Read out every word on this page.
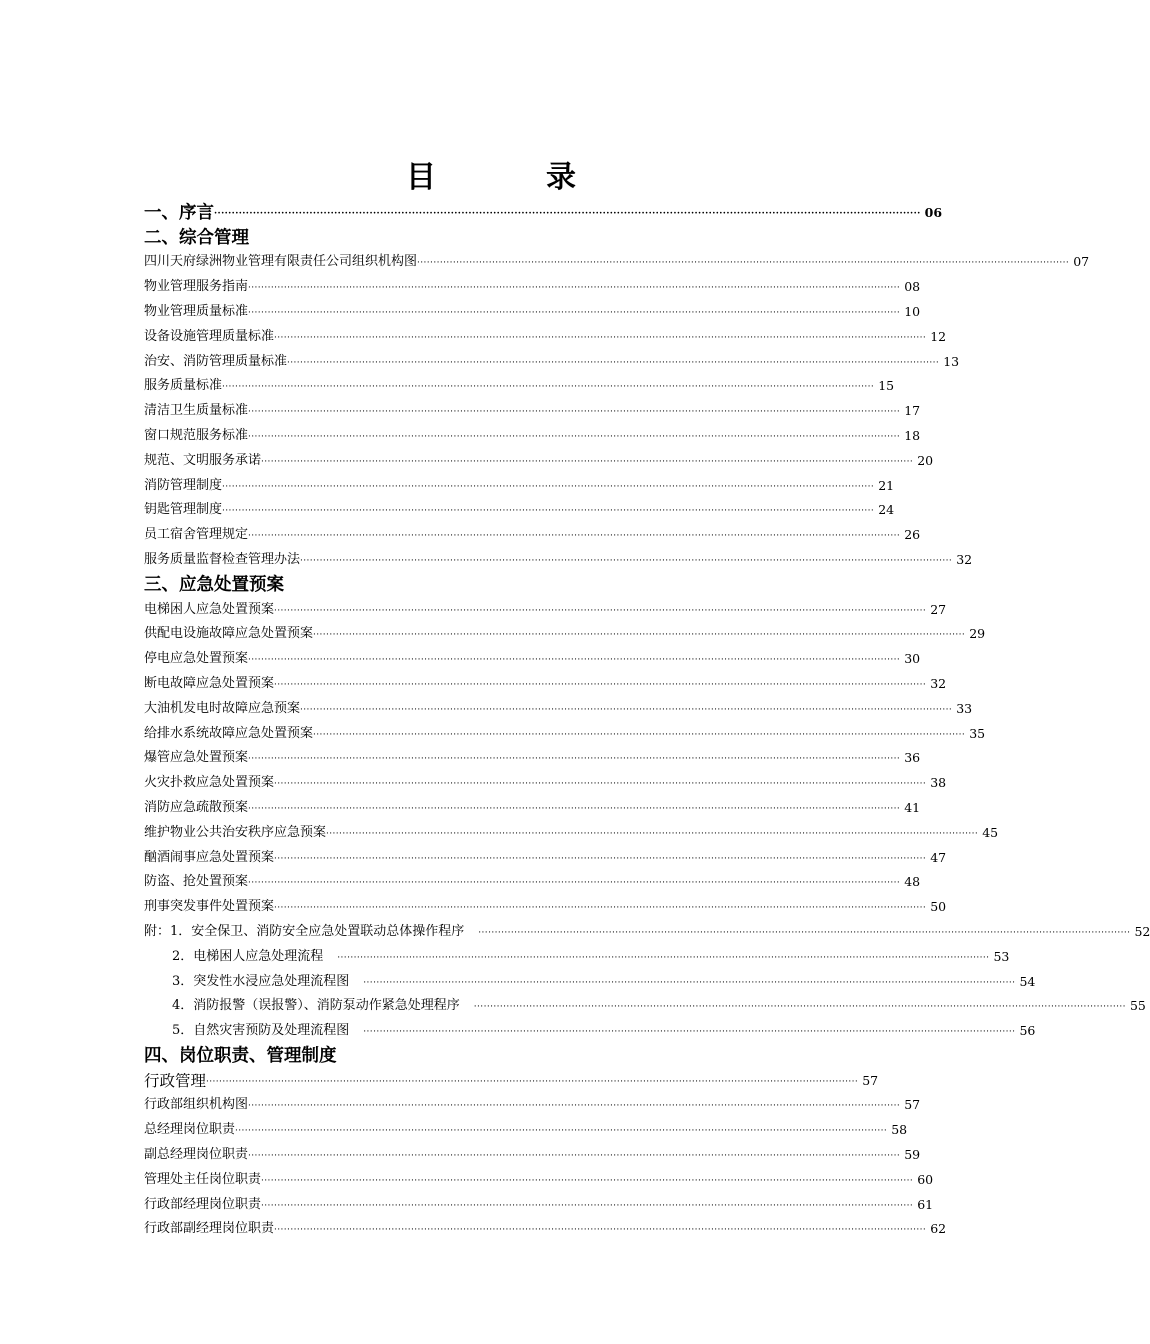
目	录
一、序言 ········································································································································································································ 06
二、综合管理
四川天府绿洲物业管理有限责任公司组织机构图 ········································································································································································································ 07
物业管理服务指南 ········································································································································································································ 08
物业管理质量标准 ········································································································································································································ 10
设备设施管理质量标准 ········································································································································································································ 12
治安、消防管理质量标准 ········································································································································································································ 13
服务质量标准 ········································································································································································································ 15
清洁卫生质量标准 ········································································································································································································ 17
窗口规范服务标准 ········································································································································································································ 18
规范、文明服务承诺 ········································································································································································································ 20
消防管理制度 ········································································································································································································ 21
钥匙管理制度 ········································································································································································································ 24
员工宿舍管理规定 ········································································································································································································ 26
服务质量监督检查管理办法 ········································································································································································································ 32
三、应急处置预案
电梯困人应急处置预案 ········································································································································································································ 27
供配电设施故障应急处置预案 ········································································································································································································ 29
停电应急处置预案 ········································································································································································································ 30
断电故障应急处置预案 ········································································································································································································ 32
大油机发电时故障应急预案 ········································································································································································································ 33
给排水系统故障应急处置预案 ········································································································································································································ 35
爆管应急处置预案 ········································································································································································································ 36
火灾扑救应急处置预案 ········································································································································································································ 38
消防应急疏散预案 ········································································································································································································ 41
维护物业公共治安秩序应急预案 ········································································································································································································ 45
酗酒闹事应急处置预案 ········································································································································································································ 47
防盗、抢处置预案 ········································································································································································································ 48
刑事突发事件处置预案 ········································································································································································································ 50
附：1．安全保卫、消防安全应急处置联动总体操作程序 ········································································································································································································ 52
2．电梯困人应急处理流程 ········································································································································································································ 53
3．突发性水浸应急处理流程图 ········································································································································································································ 54
4．消防报警（误报警）、消防泵动作紧急处理程序 ········································································································································································································ 55
5．自然灾害预防及处理流程图 ········································································································································································································ 56
四、岗位职责、管理制度
行政管理 ········································································································································································································ 57
行政部组织机构图 ········································································································································································································ 57
总经理岗位职责 ········································································································································································································ 58
副总经理岗位职责 ········································································································································································································ 59
管理处主任岗位职责 ········································································································································································································ 60
行政部经理岗位职责 ········································································································································································································ 61
行政部副经理岗位职责 ········································································································································································································ 62
